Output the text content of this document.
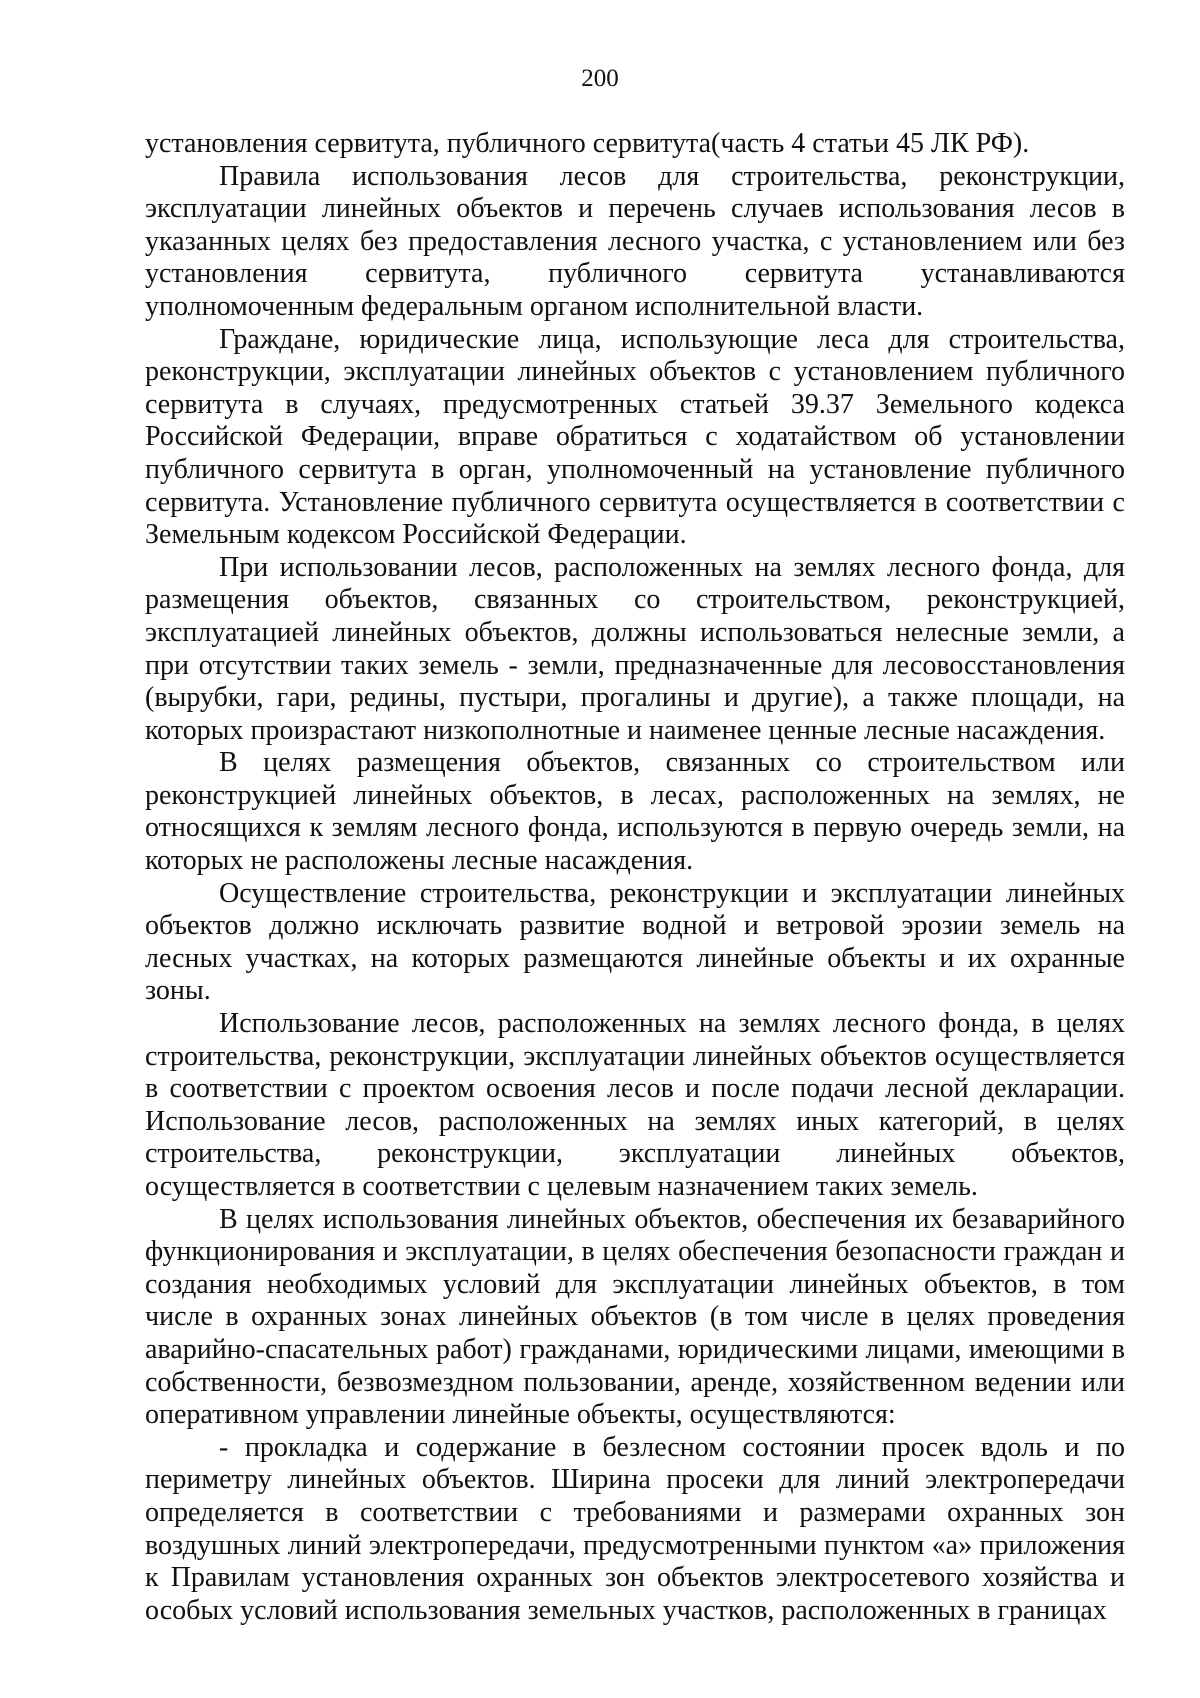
200

установления сервитута, публичного сервитута(часть 4 статьи 45 ЛК РФ).

Правила использования лесов для строительства, реконструкции, эксплуатации линейных объектов и перечень случаев использования лесов в указанных целях без предоставления лесного участка, с установлением или без установления сервитута, публичного сервитута устанавливаются уполномоченным федеральным органом исполнительной власти.

Граждане, юридические лица, использующие леса для строительства, реконструкции, эксплуатации линейных объектов с установлением публичного сервитута в случаях, предусмотренных статьей 39.37 Земельного кодекса Российской Федерации, вправе обратиться с ходатайством об установлении публичного сервитута в орган, уполномоченный на установление публичного сервитута. Установление публичного сервитута осуществляется в соответствии с Земельным кодексом Российской Федерации.

При использовании лесов, расположенных на землях лесного фонда, для размещения объектов, связанных со строительством, реконструкцией, эксплуатацией линейных объектов, должны использоваться нелесные земли, а при отсутствии таких земель - земли, предназначенные для лесовосстановления (вырубки, гари, редины, пустыри, прогалины и другие), а также площади, на которых произрастают низкополнотные и наименее ценные лесные насаждения.

В целях размещения объектов, связанных со строительством или реконструкцией линейных объектов, в лесах, расположенных на землях, не относящихся к землям лесного фонда, используются в первую очередь земли, на которых не расположены лесные насаждения.

Осуществление строительства, реконструкции и эксплуатации линейных объектов должно исключать развитие водной и ветровой эрозии земель на лесных участках, на которых размещаются линейные объекты и их охранные зоны.

Использование лесов, расположенных на землях лесного фонда, в целях строительства, реконструкции, эксплуатации линейных объектов осуществляется в соответствии с проектом освоения лесов и после подачи лесной декларации. Использование лесов, расположенных на землях иных категорий, в целях строительства, реконструкции, эксплуатации линейных объектов, осуществляется в соответствии с целевым назначением таких земель.

В целях использования линейных объектов, обеспечения их безаварийного функционирования и эксплуатации, в целях обеспечения безопасности граждан и создания необходимых условий для эксплуатации линейных объектов, в том числе в охранных зонах линейных объектов (в том числе в целях проведения аварийно-спасательных работ) гражданами, юридическими лицами, имеющими в собственности, безвозмездном пользовании, аренде, хозяйственном ведении или оперативном управлении линейные объекты, осуществляются:

- прокладка и содержание в безлесном состоянии просек вдоль и по периметру линейных объектов. Ширина просеки для линий электропередачи определяется в соответствии с требованиями и размерами охранных зон воздушных линий электропередачи, предусмотренными пунктом «а» приложения к Правилам установления охранных зон объектов электросетевого хозяйства и особых условий использования земельных участков, расположенных в границах
